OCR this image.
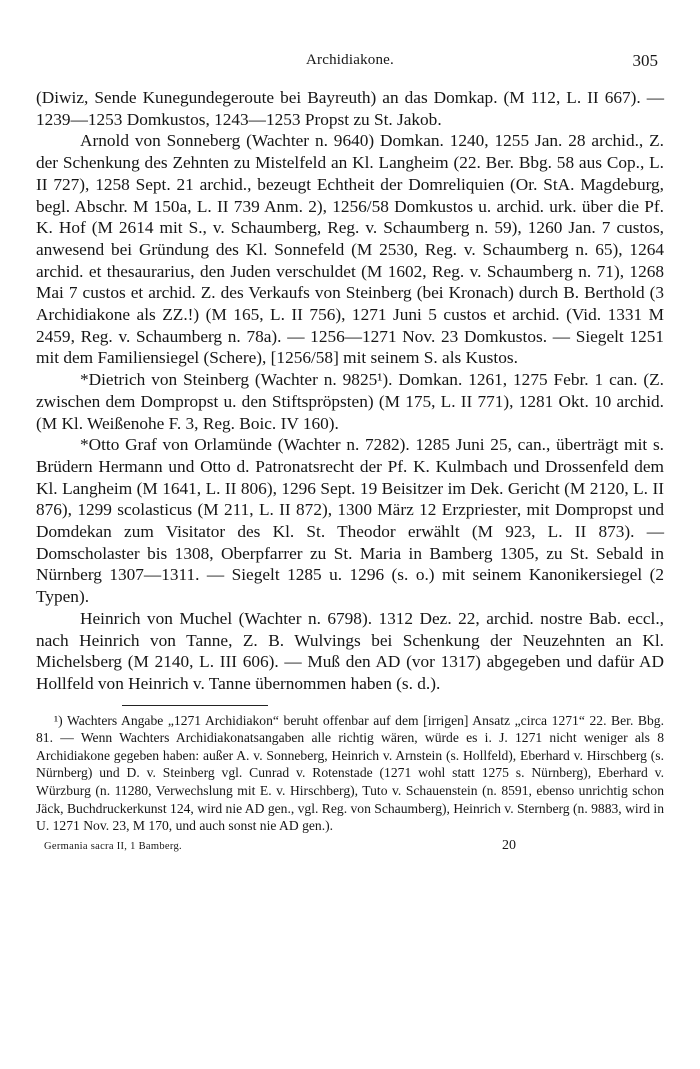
Archidiakone.	305

(Diwiz, Sende Kunegundegeroute bei Bayreuth) an das Domkap. (M 112, L. II 667). — 1239—1253 Domkustos, 1243—1253 Propst zu St. Jakob.

Arnold von Sonneberg (Wachter n. 9640) Domkan. 1240, 1255 Jan. 28 archid., Z. der Schenkung des Zehnten zu Mistelfeld an Kl. Langheim (22. Ber. Bbg. 58 aus Cop., L. II 727), 1258 Sept. 21 archid., bezeugt Echtheit der Domreliquien (Or. StA. Magdeburg, begl. Abschr. M 150a, L. II 739 Anm. 2), 1256/58 Domkustos u. archid. urk. über die Pf. K. Hof (M 2614 mit S., v. Schaumberg, Reg. v. Schaumberg n. 59), 1260 Jan. 7 custos, anwesend bei Gründung des Kl. Sonnefeld (M 2530, Reg. v. Schaumberg n. 65), 1264 archid. et thesaurarius, den Juden verschuldet (M 1602, Reg. v. Schaumberg n. 71), 1268 Mai 7 custos et archid. Z. des Verkaufs von Steinberg (bei Kronach) durch B. Berthold (3 Archidiakone als ZZ.!) (M 165, L. II 756), 1271 Juni 5 custos et archid. (Vid. 1331 M 2459, Reg. v. Schaumberg n. 78a). — 1256—1271 Nov. 23 Domkustos. — Siegelt 1251 mit dem Familiensiegel (Schere), [1256/58] mit seinem S. als Kustos.

*Dietrich von Steinberg (Wachter n. 9825¹). Domkan. 1261, 1275 Febr. 1 can. (Z. zwischen dem Dompropst u. den Stiftspröpsten) (M 175, L. II 771), 1281 Okt. 10 archid. (M Kl. Weißenohe F. 3, Reg. Boic. IV 160).

*Otto Graf von Orlamünde (Wachter n. 7282). 1285 Juni 25, can., überträgt mit s. Brüdern Hermann und Otto d. Patronatsrecht der Pf. K. Kulmbach und Drossenfeld dem Kl. Langheim (M 1641, L. II 806), 1296 Sept. 19 Beisitzer im Dek. Gericht (M 2120, L. II 876), 1299 scolasticus (M 211, L. II 872), 1300 März 12 Erzpriester, mit Dompropst und Domdekan zum Visitator des Kl. St. Theodor erwählt (M 923, L. II 873). — Domscholaster bis 1308, Oberpfarrer zu St. Maria in Bamberg 1305, zu St. Sebald in Nürnberg 1307—1311. — Siegelt 1285 u. 1296 (s. o.) mit seinem Kanonikersiegel (2 Typen).

Heinrich von Muchel (Wachter n. 6798). 1312 Dez. 22, archid. nostre Bab. eccl., nach Heinrich von Tanne, Z. B. Wulvings bei Schenkung der Neuzehnten an Kl. Michelsberg (M 2140, L. III 606). — Muß den AD (vor 1317) abgegeben und dafür AD Hollfeld von Heinrich v. Tanne übernommen haben (s. d.).

¹) Wachters Angabe „1271 Archidiakon“ beruht offenbar auf dem [irrigen] Ansatz „circa 1271“ 22. Ber. Bbg. 81. — Wenn Wachters Archidiakonatsangaben alle richtig wären, würde es i. J. 1271 nicht weniger als 8 Archidiakone gegeben haben: außer A. v. Sonneberg, Heinrich v. Arnstein (s. Hollfeld), Eberhard v. Hirschberg (s. Nürnberg) und D. v. Steinberg vgl. Cunrad v. Rotenstade (1271 wohl statt 1275 s. Nürnberg), Eberhard v. Würzburg (n. 11280, Verwechslung mit E. v. Hirschberg), Tuto v. Schauenstein (n. 8591, ebenso unrichtig schon Jäck, Buchdruckerkunst 124, wird nie AD gen., vgl. Reg. von Schaumberg), Heinrich v. Sternberg (n. 9883, wird in U. 1271 Nov. 23, M 170, und auch sonst nie AD gen.).

Germania sacra II, 1 Bamberg.	20
